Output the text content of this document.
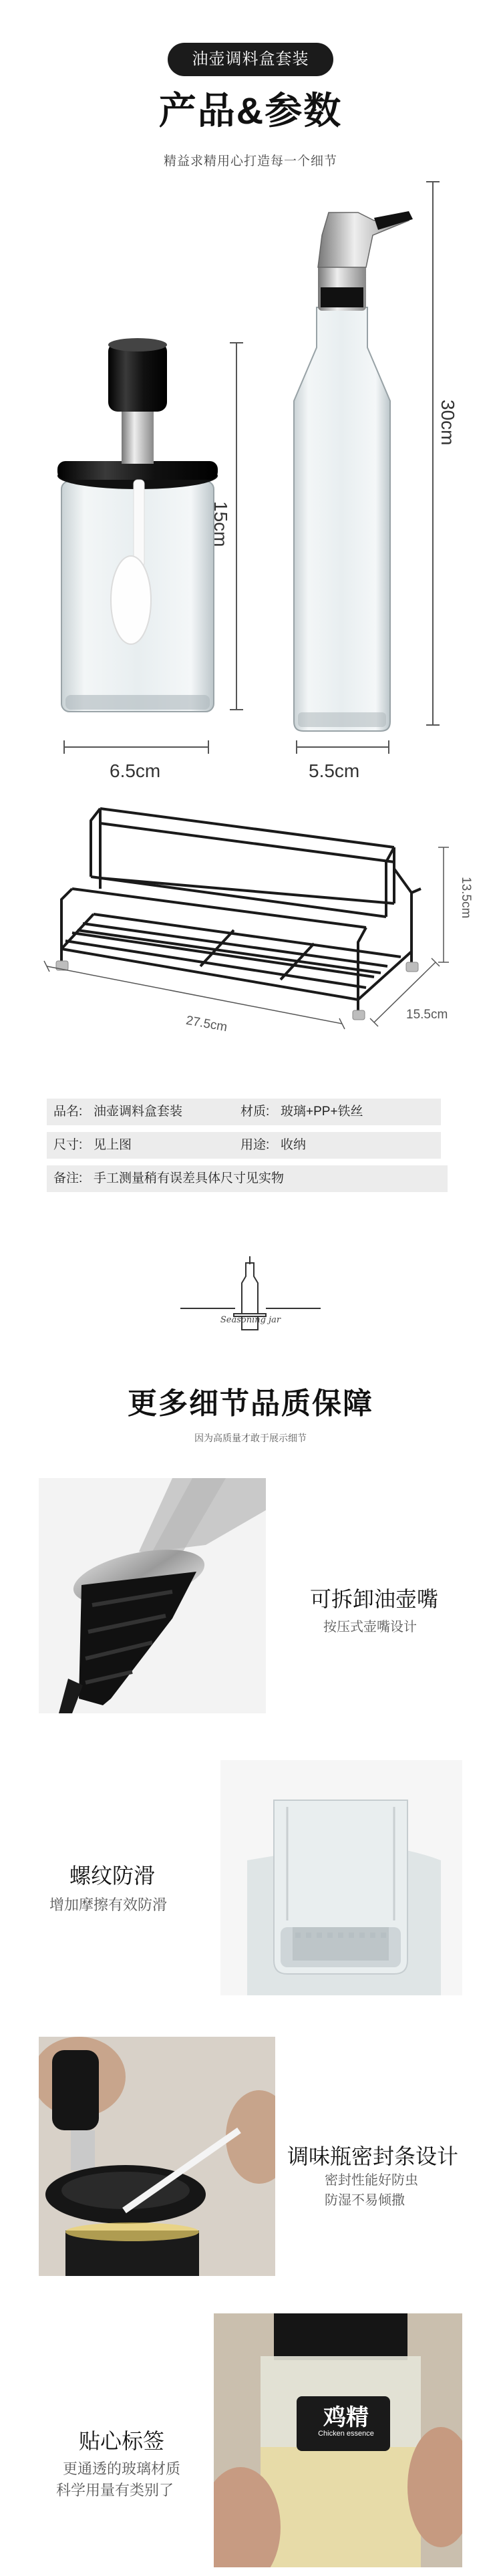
油壶调料盒套装
产品&参数
精益求精用心打造每一个细节
15cm
6.5cm
30cm
5.5cm
13.5cm
27.5cm	15.5cm
品名: 油壶调料盒套装	材质: 玻璃+PP+铁丝
尺寸: 见上图	用途: 收纳
备注: 手工测量稍有误差具体尺寸见实物
Seasoning jar
更多细节品质保障
因为高质量才敢于展示细节
可拆卸油壶嘴
按压式壶嘴设计
螺纹防滑
增加摩擦有效防滑
调味瓶密封条设计
密封性能好防虫
防湿不易倾撒
鸡精
Chicken essence
贴心标签
更通透的玻璃材质
科学用量有类别了
